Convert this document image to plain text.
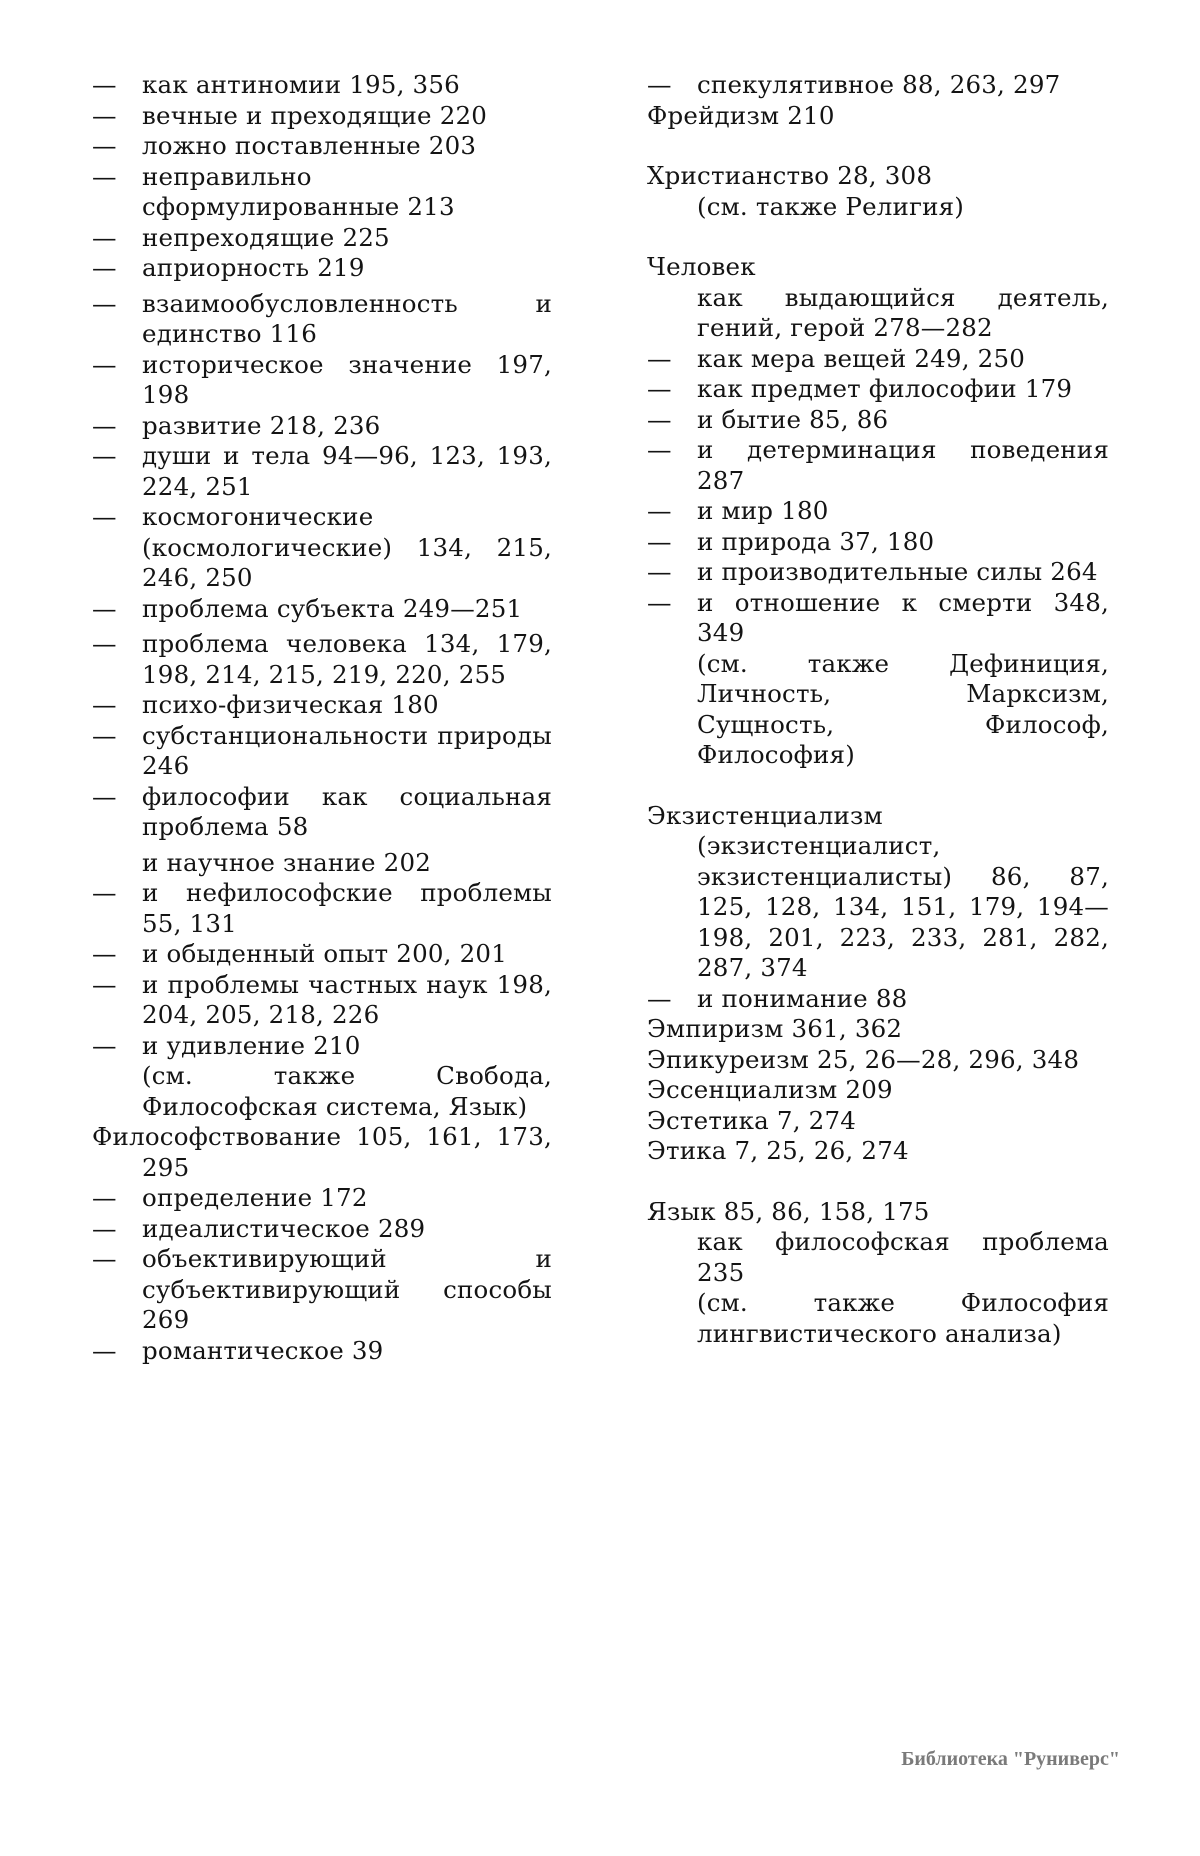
— как антиномии 195, 356
— вечные и преходящие 220
— ложно поставленные 203
— неправильно сформулированные 213
— непреходящие 225
— априорность 219
— взаимообусловленность и единство 116
— историческое значение 197, 198
— развитие 218, 236
— души и тела 94—96, 123, 193, 224, 251
— космогонические (космологические) 134, 215, 246, 250
— проблема субъекта 249—251
— проблема человека 134, 179, 198, 214, 215, 219, 220, 255
— психо-физическая 180
— субстанциональности природы 246
— философии как социальная проблема 58
и научное знание 202
— и нефилософские проблемы 55, 131
— и обыденный опыт 200, 201
— и проблемы частных наук 198, 204, 205, 218, 226
— и удивление 210
(см. также Свобода, Философская система, Язык)
Философствование 105, 161, 173, 295
— определение 172
— идеалистическое 289
— объективирующий и субъективирующий способы 269
— романтическое 39
— спекулятивное 88, 263, 297
Фрейдизм 210
Христианство 28, 308
(см. также Религия)
Человек
как выдающийся деятель, гений, герой 278—282
— как мера вещей 249, 250
— как предмет философии 179
— и бытие 85, 86
— и детерминация поведения 287
— и мир 180
— и природа 37, 180
— и производительные силы 264
— и отношение к смерти 348, 349
(см. также Дефиниция, Личность, Марксизм, Сущность, Философ, Философия)
Экзистенциализм (экзистенциалист, экзистенциалисты) 86, 87, 125, 128, 134, 151, 179, 194—198, 201, 223, 233, 281, 282, 287, 374
— и понимание 88
Эмпиризм 361, 362
Эпикуреизм 25, 26—28, 296, 348
Эссенциализм 209
Эстетика 7, 274
Этика 7, 25, 26, 274
Язык 85, 86, 158, 175
как философская проблема 235
(см. также Философия лингвистического анализа)
Библиотека "Руниверс"
